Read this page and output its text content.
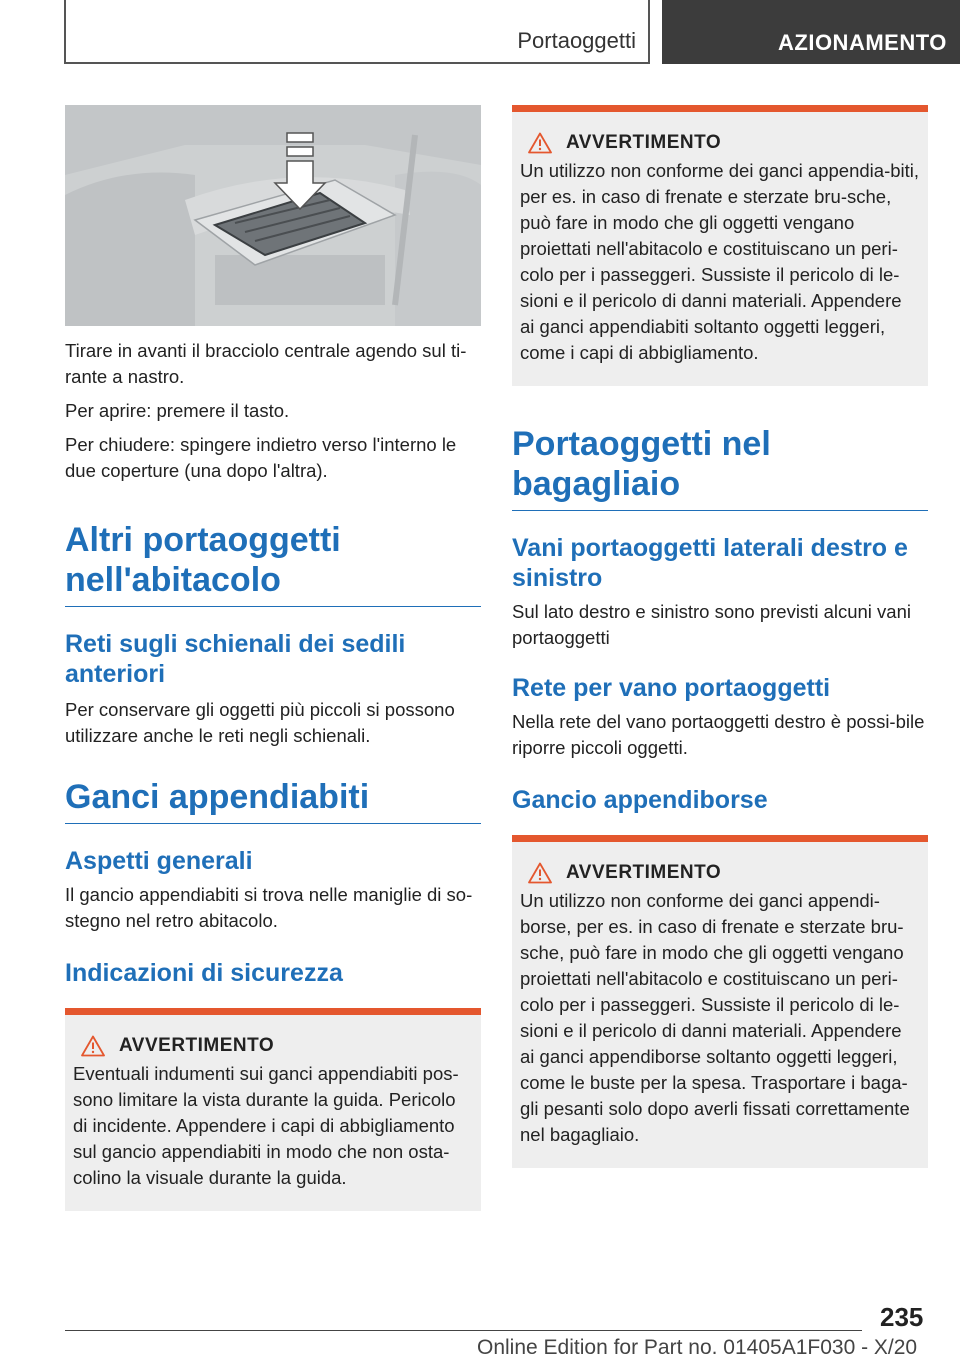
Portaoggetti	AZIONAMENTO

Tirare in avanti il bracciolo centrale agendo sul ti-rante a nastro.

Per aprire: premere il tasto.

Per chiudere: spingere indietro verso l'interno le due coperture (una dopo l'altra).

Altri portaoggetti nell'abitacolo
Reti sugli schienali dei sedili anteriori

Per conservare gli oggetti più piccoli si possono utilizzare anche le reti negli schienali.

Ganci appendiabiti
Aspetti generali

Il gancio appendiabiti si trova nelle maniglie di so-stegno nel retro abitacolo.

Indicazioni di sicurezza
AVVERTIMENTO

Eventuali indumenti sui ganci appendiabiti pos-sono limitare la vista durante la guida. Pericolo di incidente. Appendere i capi di abbigliamento sul gancio appendiabiti in modo che non osta-colino la visuale durante la guida.

AVVERTIMENTO

Un utilizzo non conforme dei ganci appendia-biti, per es. in caso di frenate e sterzate bru-sche, può fare in modo che gli oggetti vengano proiettati nell'abitacolo e costituiscano un peri-colo per i passeggeri. Sussiste il pericolo di le-sioni e il pericolo di danni materiali. Appendere ai ganci appendiabiti soltanto oggetti leggeri, come i capi di abbigliamento.

Portaoggetti nel bagagliaio
Vani portaoggetti laterali destro e sinistro

Sul lato destro e sinistro sono previsti alcuni vani portaoggetti

Rete per vano portaoggetti

Nella rete del vano portaoggetti destro è possi-bile riporre piccoli oggetti.

Gancio appendiborse
AVVERTIMENTO

Un utilizzo non conforme dei ganci appendi-borse, per es. in caso di frenate e sterzate bru-sche, può fare in modo che gli oggetti vengano proiettati nell'abitacolo e costituiscano un peri-colo per i passeggeri. Sussiste il pericolo di le-sioni e il pericolo di danni materiali. Appendere ai ganci appendiborse soltanto oggetti leggeri, come le buste per la spesa. Trasportare i baga-gli pesanti solo dopo averli fissati correttamente nel bagagliaio.

235
Online Edition for Part no. 01405A1F030 - X/20
